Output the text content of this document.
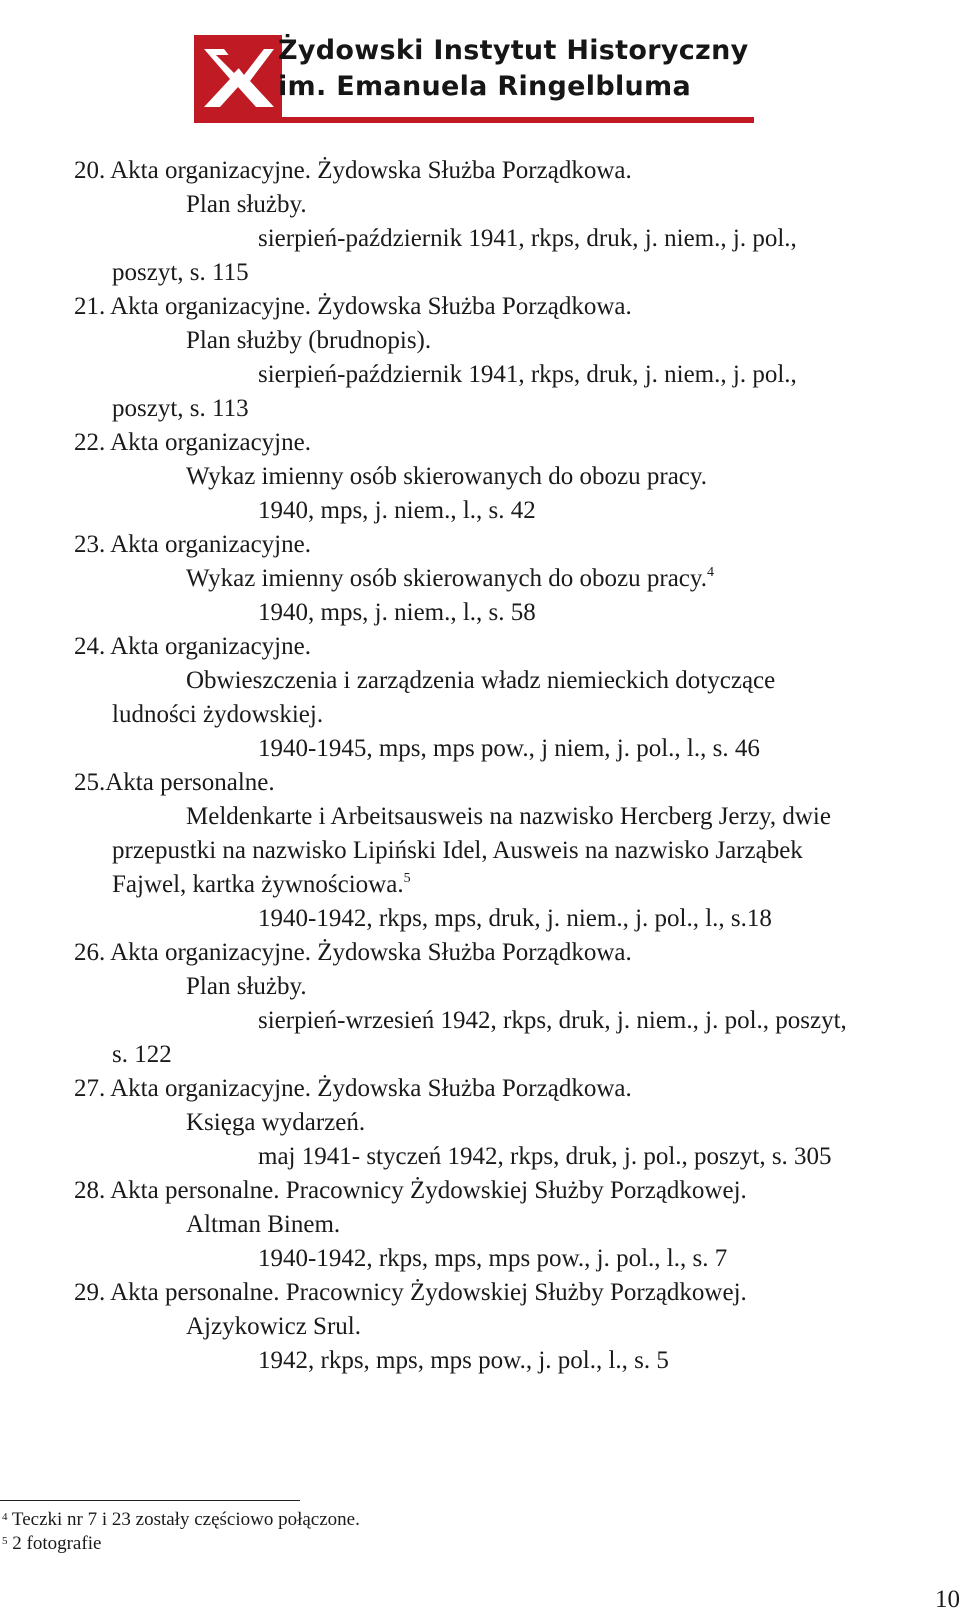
Żydowski Instytut Historyczny
im. Emanuela Ringelbluma
20. Akta organizacyjne. Żydowska Służba Porządkowa.
Plan służby.
sierpień-październik 1941, rkps, druk, j. niem., j. pol.,
poszyt, s. 115
21. Akta organizacyjne. Żydowska Służba Porządkowa.
Plan służby (brudnopis).
sierpień-październik 1941, rkps, druk, j. niem., j. pol.,
poszyt, s. 113
22. Akta organizacyjne.
Wykaz imienny osób skierowanych do obozu pracy.
1940, mps, j. niem., l., s. 42
23. Akta organizacyjne.
Wykaz imienny osób skierowanych do obozu pracy.$^4$
1940, mps, j. niem., l., s. 58
24. Akta organizacyjne.
Obwieszczenia i zarządzenia władz niemieckich dotyczące
ludności żydowskiej.
1940-1945, mps, mps pow., j niem, j. pol., l., s. 46
25.Akta personalne.
Meldenkarte i Arbeitsausweis na nazwisko Hercberg Jerzy, dwie
przepustki na nazwisko Lipiński Idel, Ausweis na nazwisko Jarząbek
Fajwel, kartka żywnościowa.$^5$
1940-1942, rkps, mps, druk, j. niem., j. pol., l., s.18
26. Akta organizacyjne. Żydowska Służba Porządkowa.
Plan służby.
sierpień-wrzesień 1942, rkps, druk, j. niem., j. pol., poszyt,
s. 122
27. Akta organizacyjne. Żydowska Służba Porządkowa.
Księga wydarzeń.
maj 1941- styczeń 1942, rkps, druk, j. pol., poszyt, s. 305
28. Akta personalne. Pracownicy Żydowskiej Służby Porządkowej.
Altman Binem.
1940-1942, rkps, mps, mps pow., j. pol., l., s. 7
29. Akta personalne. Pracownicy Żydowskiej Służby Porządkowej.
Ajzykowicz Srul.
1942, rkps, mps, mps pow., j. pol., l., s. 5
$^4$ Teczki nr 7 i 23 zostały częściowo połączone.
$^5$ 2 fotografie
10
